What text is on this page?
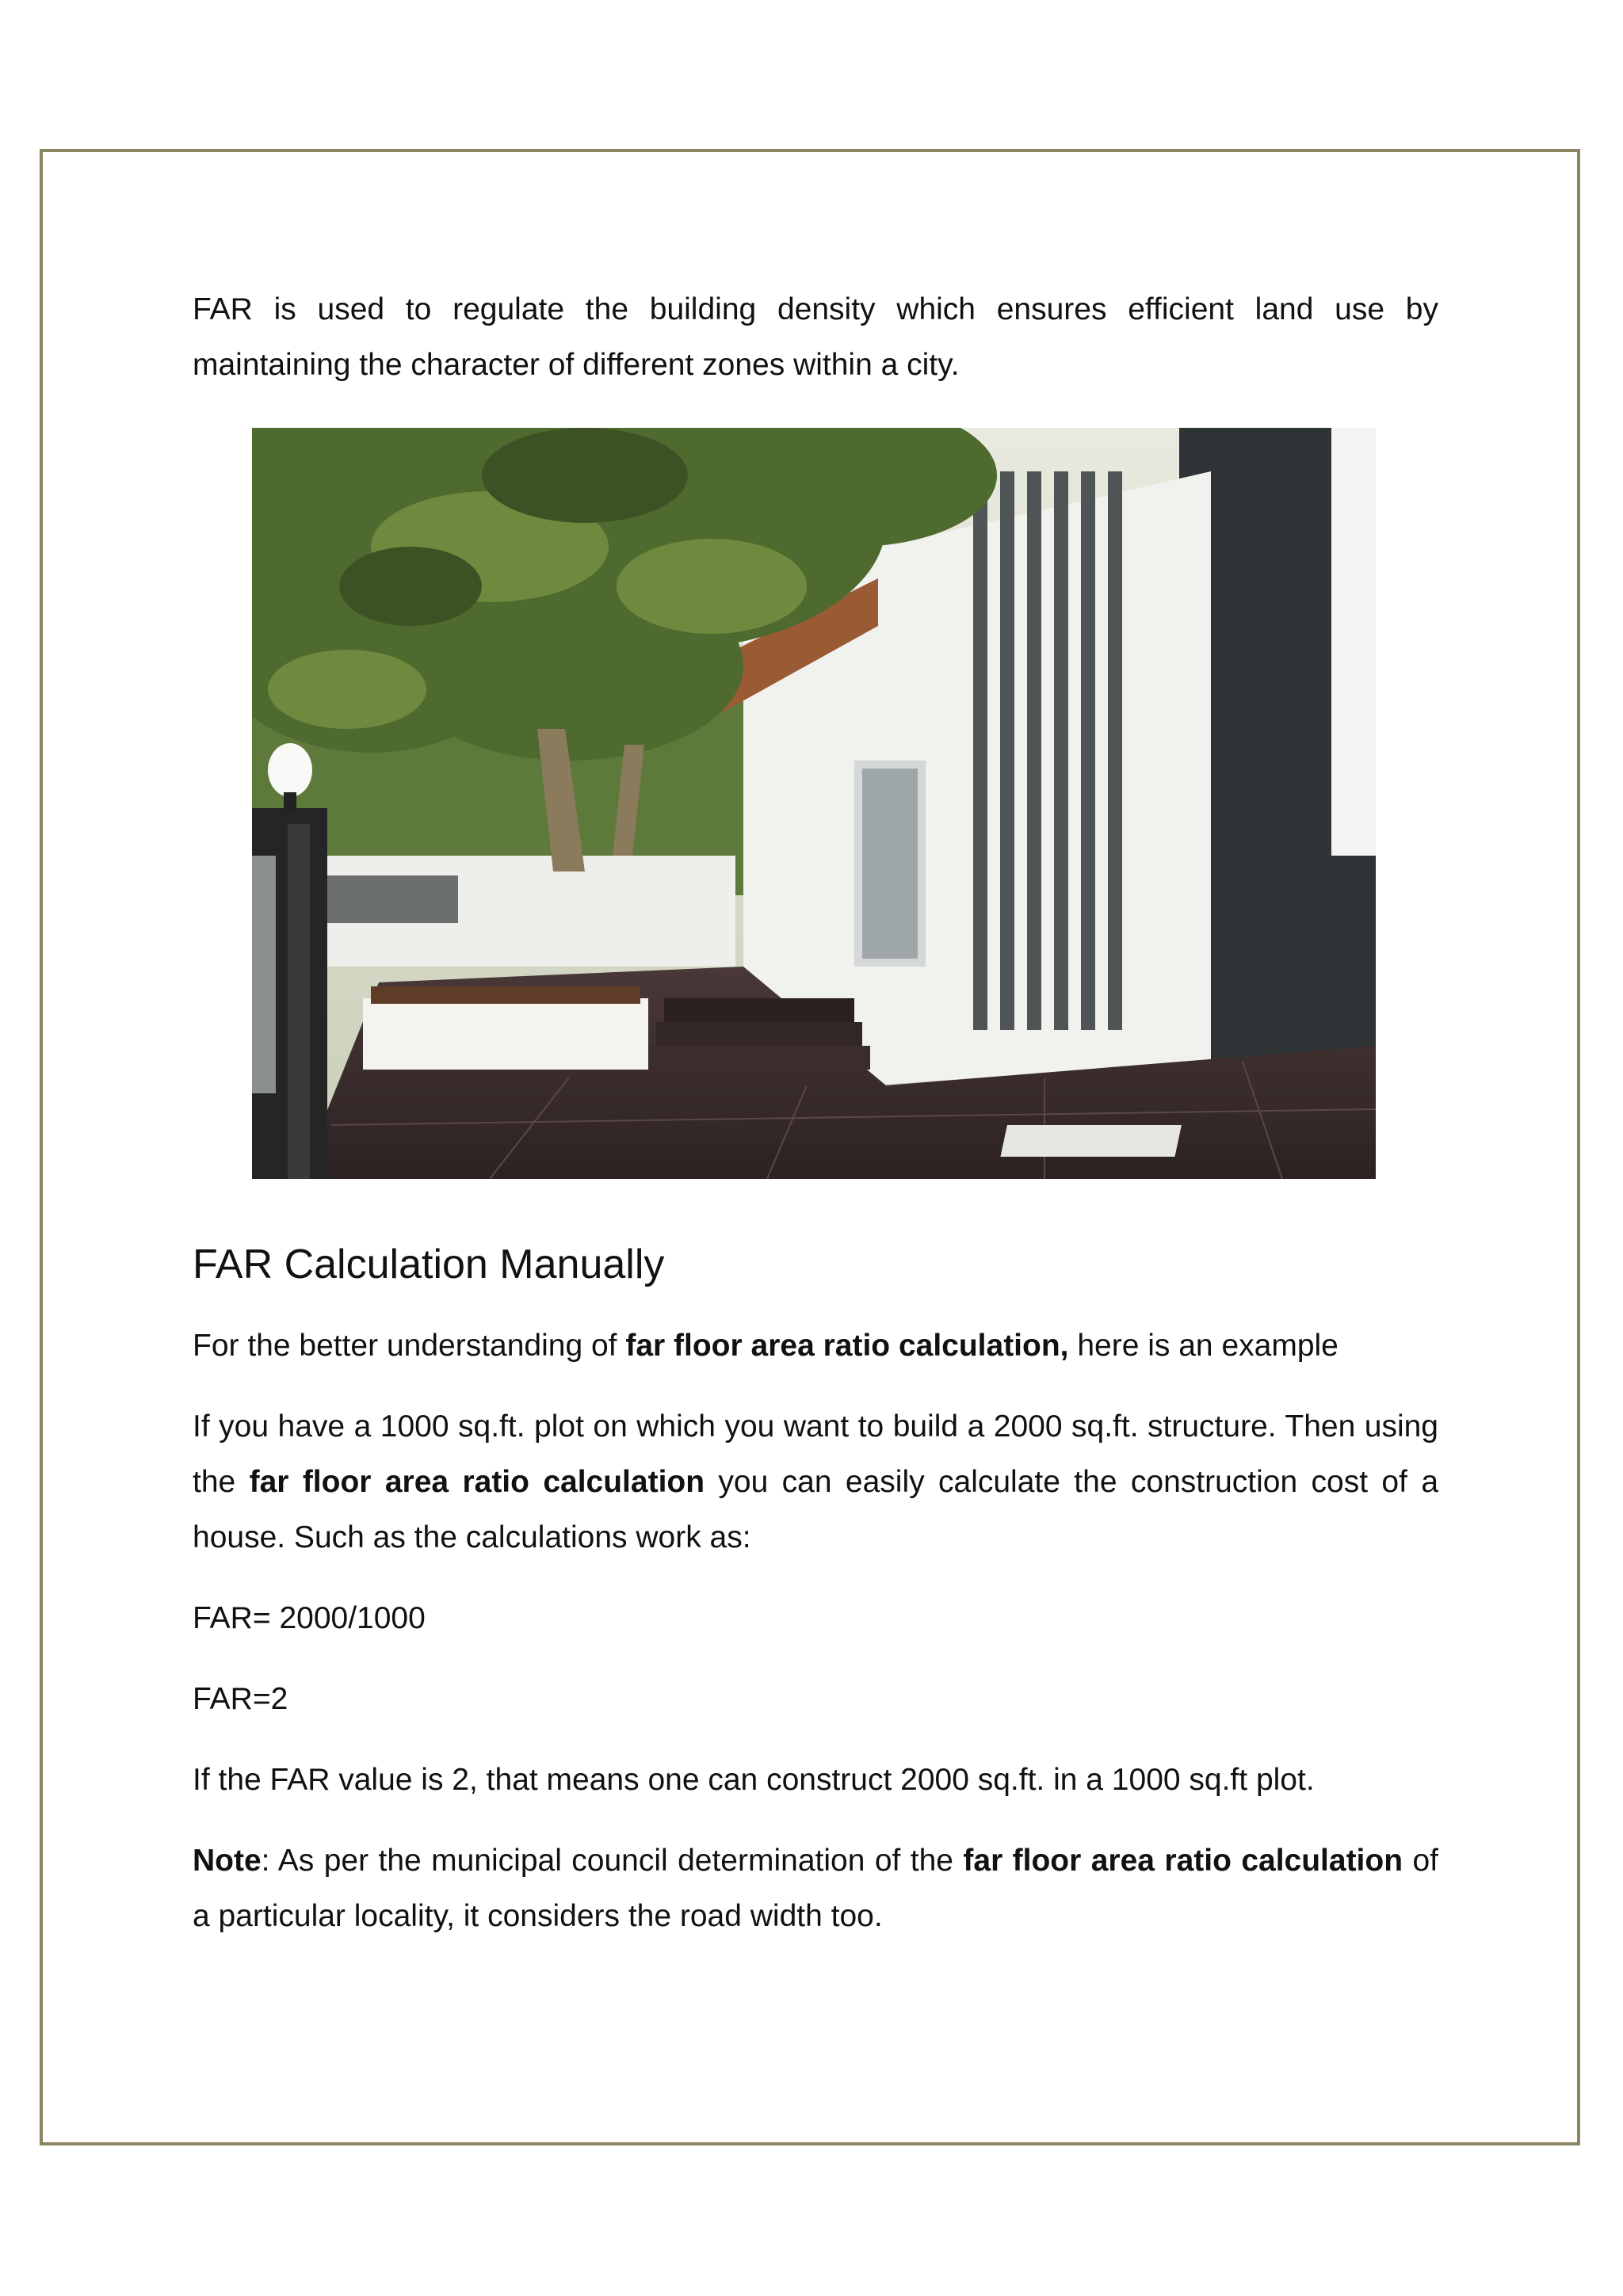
FAR is used to regulate the building density which ensures efficient land use by maintaining the character of different zones within a city.

FAR Calculation Manually

For the better understanding of far floor area ratio calculation, here is an example

If you have a 1000 sq.ft. plot on which you want to build a 2000 sq.ft. structure. Then using the far floor area ratio calculation you can easily calculate the construction cost of a house. Such as the calculations work as:

FAR= 2000/1000

FAR=2

If the FAR value is 2, that means one can construct 2000 sq.ft. in a 1000 sq.ft plot.

Note: As per the municipal council determination of the far floor area ratio calculation of a particular locality, it considers the road width too.
